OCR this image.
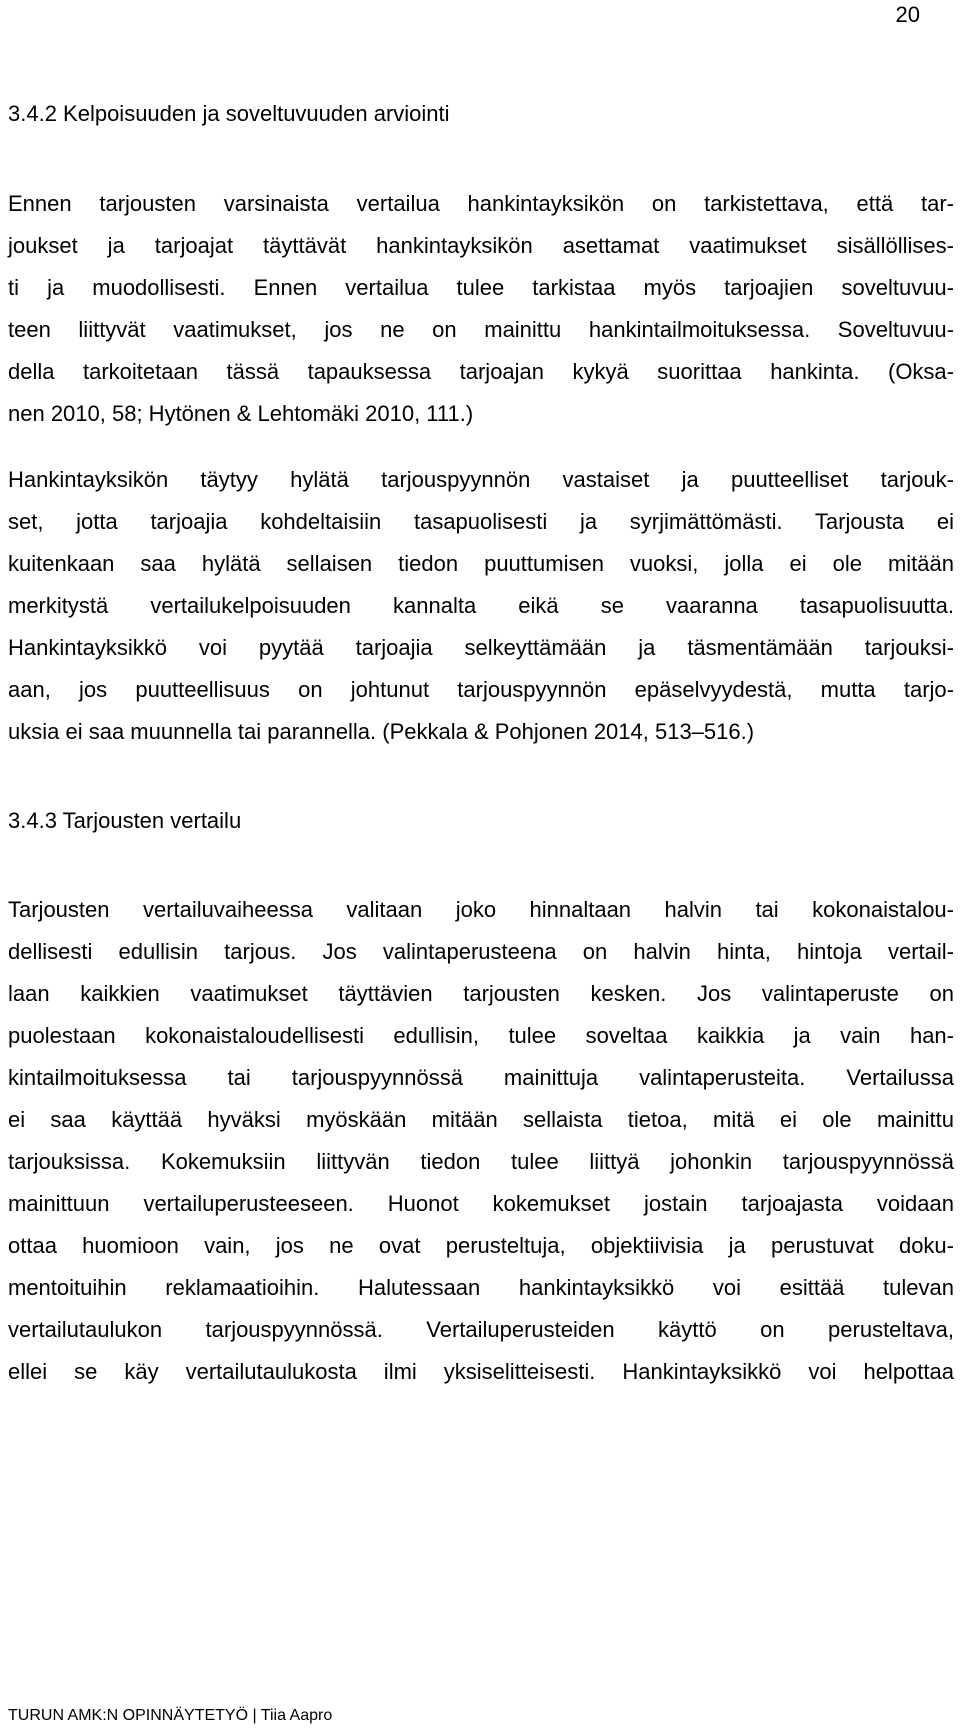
20
3.4.2 Kelpoisuuden ja soveltuvuuden arviointi
Ennen tarjousten varsinaista vertailua hankintayksikön on tarkistettava, että tar-
joukset ja tarjoajat täyttävät hankintayksikön asettamat vaatimukset sisällöllises-
ti ja muodollisesti. Ennen vertailua tulee tarkistaa myös tarjoajien soveltuvuu-
teen liittyvät vaatimukset, jos ne on mainittu hankintailmoituksessa. Soveltuvuu-
della tarkoitetaan tässä tapauksessa tarjoajan kykyä suorittaa hankinta. (Oksa-
nen 2010, 58; Hytönen & Lehtomäki 2010, 111.)
Hankintayksikön täytyy hylätä tarjouspyynnön vastaiset ja puutteelliset tarjouk-
set, jotta tarjoajia kohdeltaisiin tasapuolisesti ja syrjimättömästi. Tarjousta ei
kuitenkaan saa hylätä sellaisen tiedon puuttumisen vuoksi, jolla ei ole mitään
merkitystä vertailukelpoisuuden kannalta eikä se vaaranna tasapuolisuutta.
Hankintayksikkö voi pyytää tarjoajia selkeyttämään ja täsmentämään tarjouksi-
aan, jos puutteellisuus on johtunut tarjouspyynnön epäselvyydestä, mutta tarjo-
uksia ei saa muunnella tai parannella. (Pekkala & Pohjonen 2014, 513–516.)
3.4.3 Tarjousten vertailu
Tarjousten vertailuvaiheessa valitaan joko hinnaltaan halvin tai kokonaistalou-
dellisesti edullisin tarjous. Jos valintaperusteena on halvin hinta, hintoja vertail-
laan kaikkien vaatimukset täyttävien tarjousten kesken. Jos valintaperuste on
puolestaan kokonaistaloudellisesti edullisin, tulee soveltaa kaikkia ja vain han-
kintailmoituksessa tai tarjouspyynnössä mainittuja valintaperusteita. Vertailussa
ei saa käyttää hyväksi myöskään mitään sellaista tietoa, mitä ei ole mainittu
tarjouksissa. Kokemuksiin liittyvän tiedon tulee liittyä johonkin tarjouspyynnössä
mainittuun vertailuperusteeseen. Huonot kokemukset jostain tarjoajasta voidaan
ottaa huomioon vain, jos ne ovat perusteltuja, objektiivisia ja perustuvat doku-
mentoituihin reklamaatioihin. Halutessaan hankintayksikkö voi esittää tulevan
vertailutaulukon tarjouspyynnössä. Vertailuperusteiden käyttö on perusteltava,
ellei se käy vertailutaulukosta ilmi yksiselitteisesti. Hankintayksikkö voi helpottaa
TURUN AMK:N OPINNÄYTETYÖ | Tiia Aapro
